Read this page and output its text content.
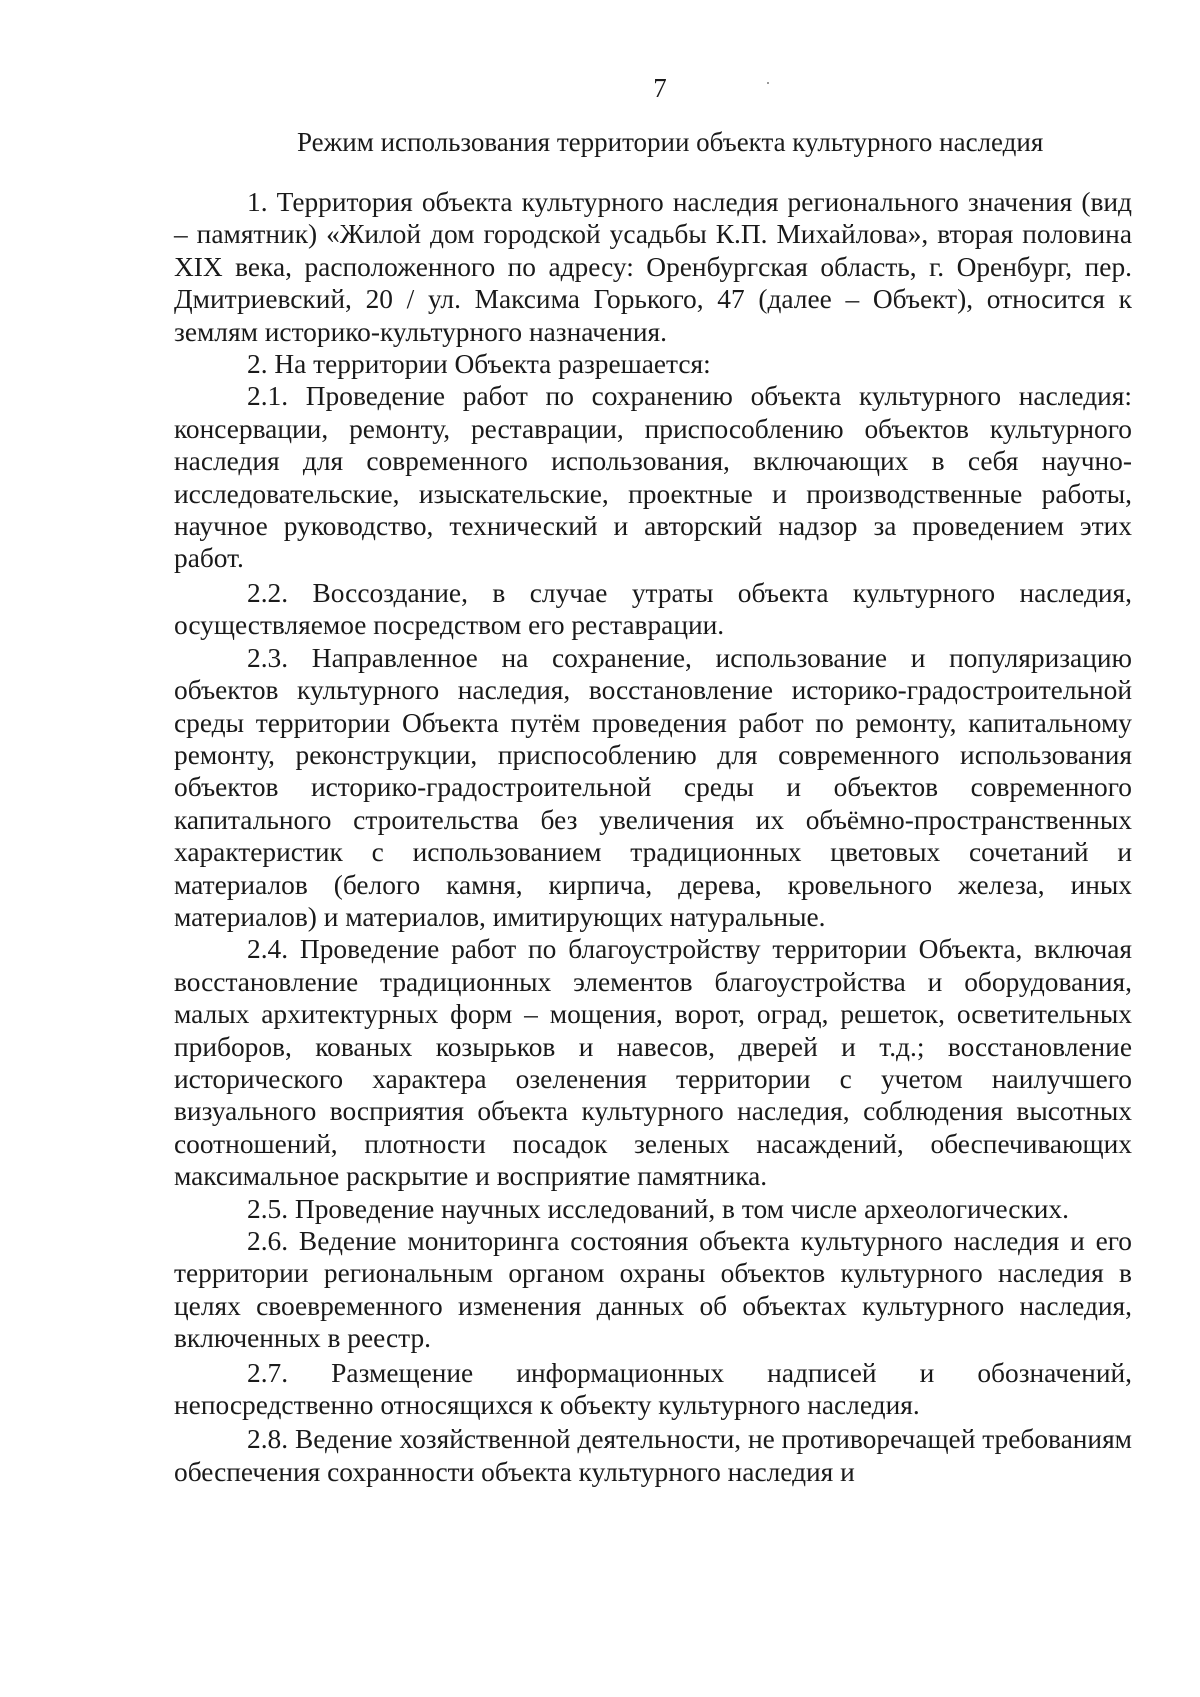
7
Режим использования территории объекта культурного наследия

1. Территория объекта культурного наследия регионального значения (вид – памятник) «Жилой дом городской усадьбы К.П. Михайлова», вторая половина XIX века, расположенного по адресу: Оренбургская область, г. Оренбург, пер. Дмитриевский, 20 / ул. Максима Горького, 47 (далее – Объект), относится к землям историко-культурного назначения.

2. На территории Объекта разрешается:

2.1. Проведение работ по сохранению объекта культурного наследия: консервации, ремонту, реставрации, приспособлению объектов культурного наследия для современного использования, включающих в себя научно-исследовательские, изыскательские, проектные и производственные работы, научное руководство, технический и авторский надзор за проведением этих работ.

2.2. Воссоздание, в случае утраты объекта культурного наследия, осуществляемое посредством его реставрации.

2.3. Направленное на сохранение, использование и популяризацию объектов культурного наследия, восстановление историко-градостроительной среды территории Объекта путём проведения работ по ремонту, капитальному ремонту, реконструкции, приспособлению для современного использования объектов историко-градостроительной среды и объектов современного капитального строительства без увеличения их объёмно-пространственных характеристик с использованием традиционных цветовых сочетаний и материалов (белого камня, кирпича, дерева, кровельного железа, иных материалов) и материалов, имитирующих натуральные.

2.4. Проведение работ по благоустройству территории Объекта, включая восстановление традиционных элементов благоустройства и оборудования, малых архитектурных форм – мощения, ворот, оград, решеток, осветительных приборов, кованых козырьков и навесов, дверей и т.д.; восстановление исторического характера озеленения территории с учетом наилучшего визуального восприятия объекта культурного наследия, соблюдения высотных соотношений, плотности посадок зеленых насаждений, обеспечивающих максимальное раскрытие и восприятие памятника.

2.5. Проведение научных исследований, в том числе археологических.

2.6. Ведение мониторинга состояния объекта культурного наследия и его территории региональным органом охраны объектов культурного наследия в целях своевременного изменения данных об объектах культурного наследия, включенных в реестр.

2.7. Размещение информационных надписей и обозначений, непосредственно относящихся к объекту культурного наследия.

2.8. Ведение хозяйственной деятельности, не противоречащей требованиям обеспечения сохранности объекта культурного наследия и
